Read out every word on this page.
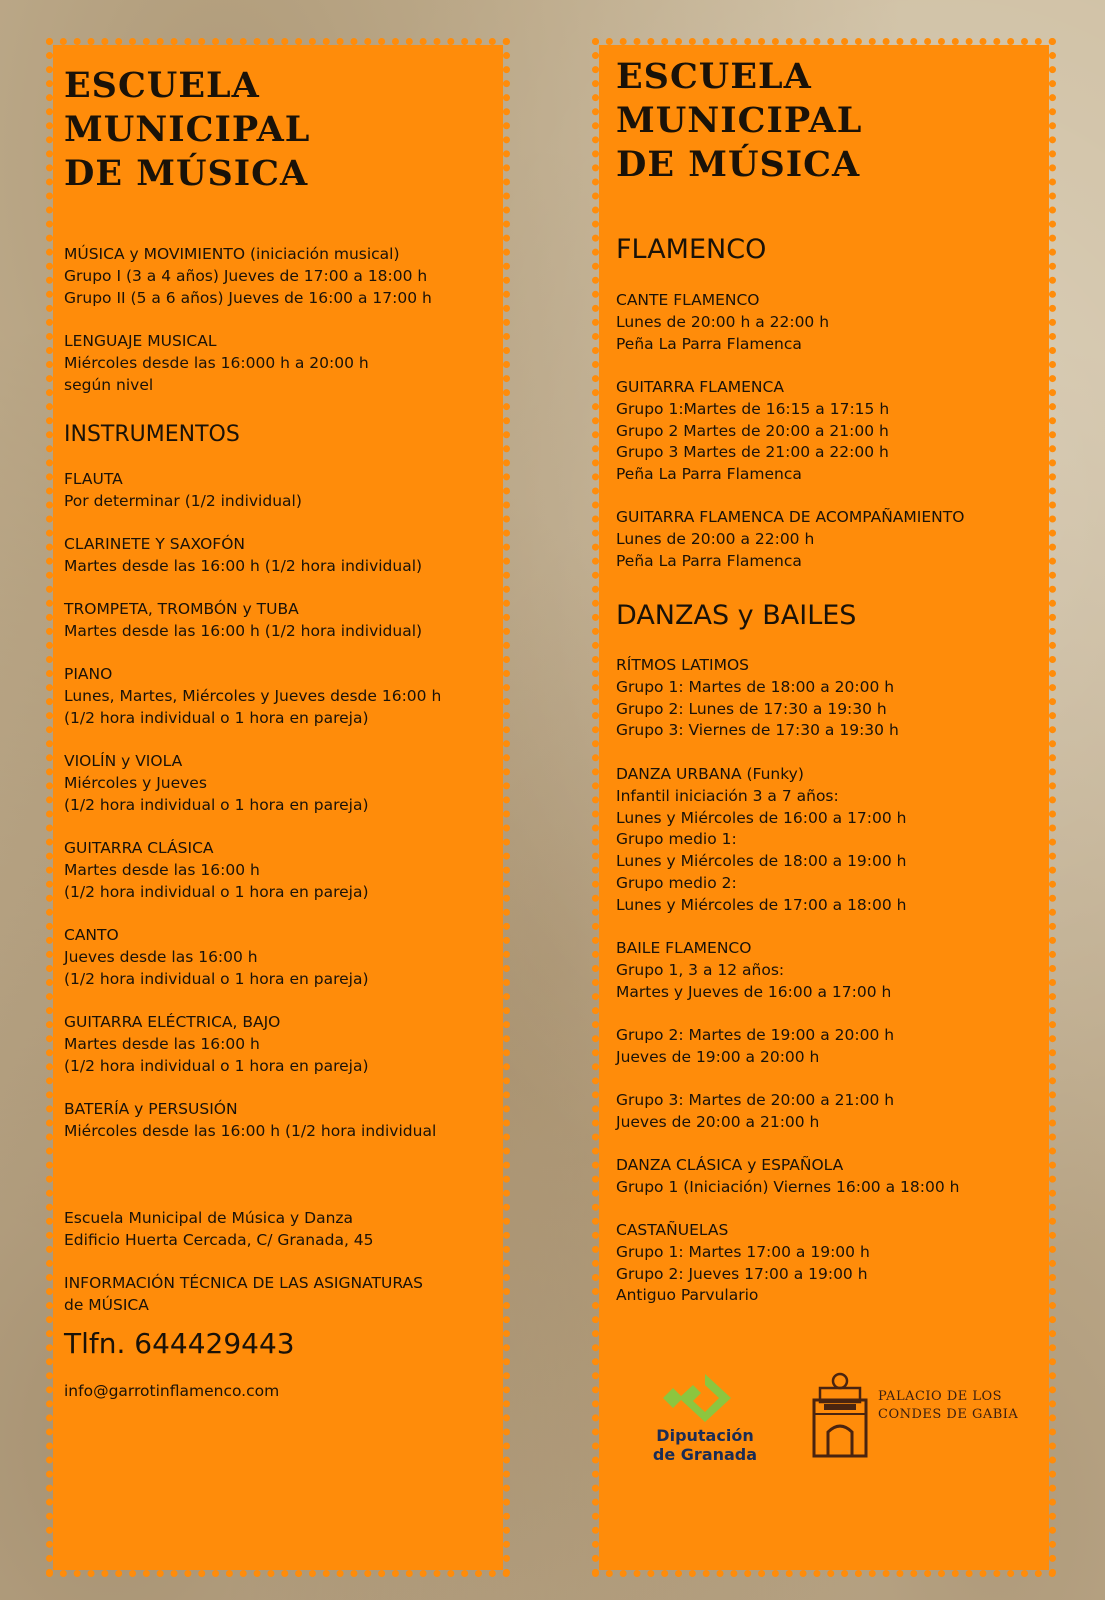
ESCUELA
MUNICIPAL
DE MÚSICA
MÚSICA y MOVIMIENTO (iniciación musical)
Grupo I (3 a 4 años) Jueves de 17:00 a 18:00 h
Grupo II (5 a 6 años) Jueves de 16:00 a 17:00 h
LENGUAJE MUSICAL
Miércoles desde las 16:000 h a 20:00 h
según nivel
INSTRUMENTOS
FLAUTA
Por determinar (1/2 individual)
CLARINETE Y SAXOFÓN
Martes desde las 16:00 h (1/2 hora individual)
TROMPETA, TROMBÓN y TUBA
Martes desde las 16:00 h (1/2 hora individual)
PIANO
Lunes, Martes, Miércoles y Jueves desde 16:00 h
(1/2 hora individual o 1 hora en pareja)
VIOLÍN y VIOLA
Miércoles y Jueves
(1/2 hora individual o 1 hora en pareja)
GUITARRA CLÁSICA
Martes desde las 16:00 h
(1/2 hora individual o 1 hora en pareja)
CANTO
Jueves desde las 16:00 h
(1/2 hora individual o 1 hora en pareja)
GUITARRA ELÉCTRICA, BAJO
Martes desde las 16:00 h
(1/2 hora individual o 1 hora en pareja)
BATERÍA y PERSUSIÓN
Miércoles desde las 16:00 h (1/2 hora individual
Escuela Municipal de Música y Danza
Edificio Huerta Cercada, C/ Granada, 45
INFORMACIÓN TÉCNICA DE LAS ASIGNATURAS
de MÚSICA
Tlfn. 644429443
info@garrotinflamenco.com
ESCUELA
MUNICIPAL
DE MÚSICA
FLAMENCO
CANTE FLAMENCO
Lunes de 20:00 h a 22:00 h
Peña La Parra Flamenca
GUITARRA FLAMENCA
Grupo 1:Martes de 16:15 a 17:15 h
Grupo 2 Martes de 20:00 a 21:00 h
Grupo 3 Martes de 21:00 a 22:00 h
Peña La Parra Flamenca
GUITARRA FLAMENCA DE ACOMPAÑAMIENTO
Lunes de 20:00 a 22:00 h
Peña La Parra Flamenca
DANZAS y BAILES
RÍTMOS LATIMOS
Grupo 1: Martes de 18:00 a 20:00 h
Grupo 2: Lunes de 17:30 a 19:30 h
Grupo 3: Viernes de 17:30 a 19:30 h
DANZA URBANA (Funky)
Infantil iniciación 3 a 7 años:
Lunes y Miércoles de 16:00 a 17:00 h
Grupo medio 1:
Lunes y Miércoles de 18:00 a 19:00 h
Grupo medio 2:
Lunes y Miércoles de 17:00 a 18:00 h
BAILE FLAMENCO
Grupo 1, 3 a 12 años:
Martes y Jueves de 16:00 a 17:00 h
Grupo 2: Martes de 19:00 a 20:00 h
Jueves de 19:00 a 20:00 h
Grupo 3: Martes de 20:00 a 21:00 h
Jueves de 20:00 a 21:00 h
DANZA CLÁSICA y ESPAÑOLA
Grupo 1 (Iniciación) Viernes 16:00 a 18:00 h
CASTAÑUELAS
Grupo 1: Martes 17:00 a 19:00 h
Grupo 2: Jueves 17:00 a 19:00 h
Antiguo Parvulario
Diputación
de Granada
PALACIO DE LOS
CONDES DE GABIA
